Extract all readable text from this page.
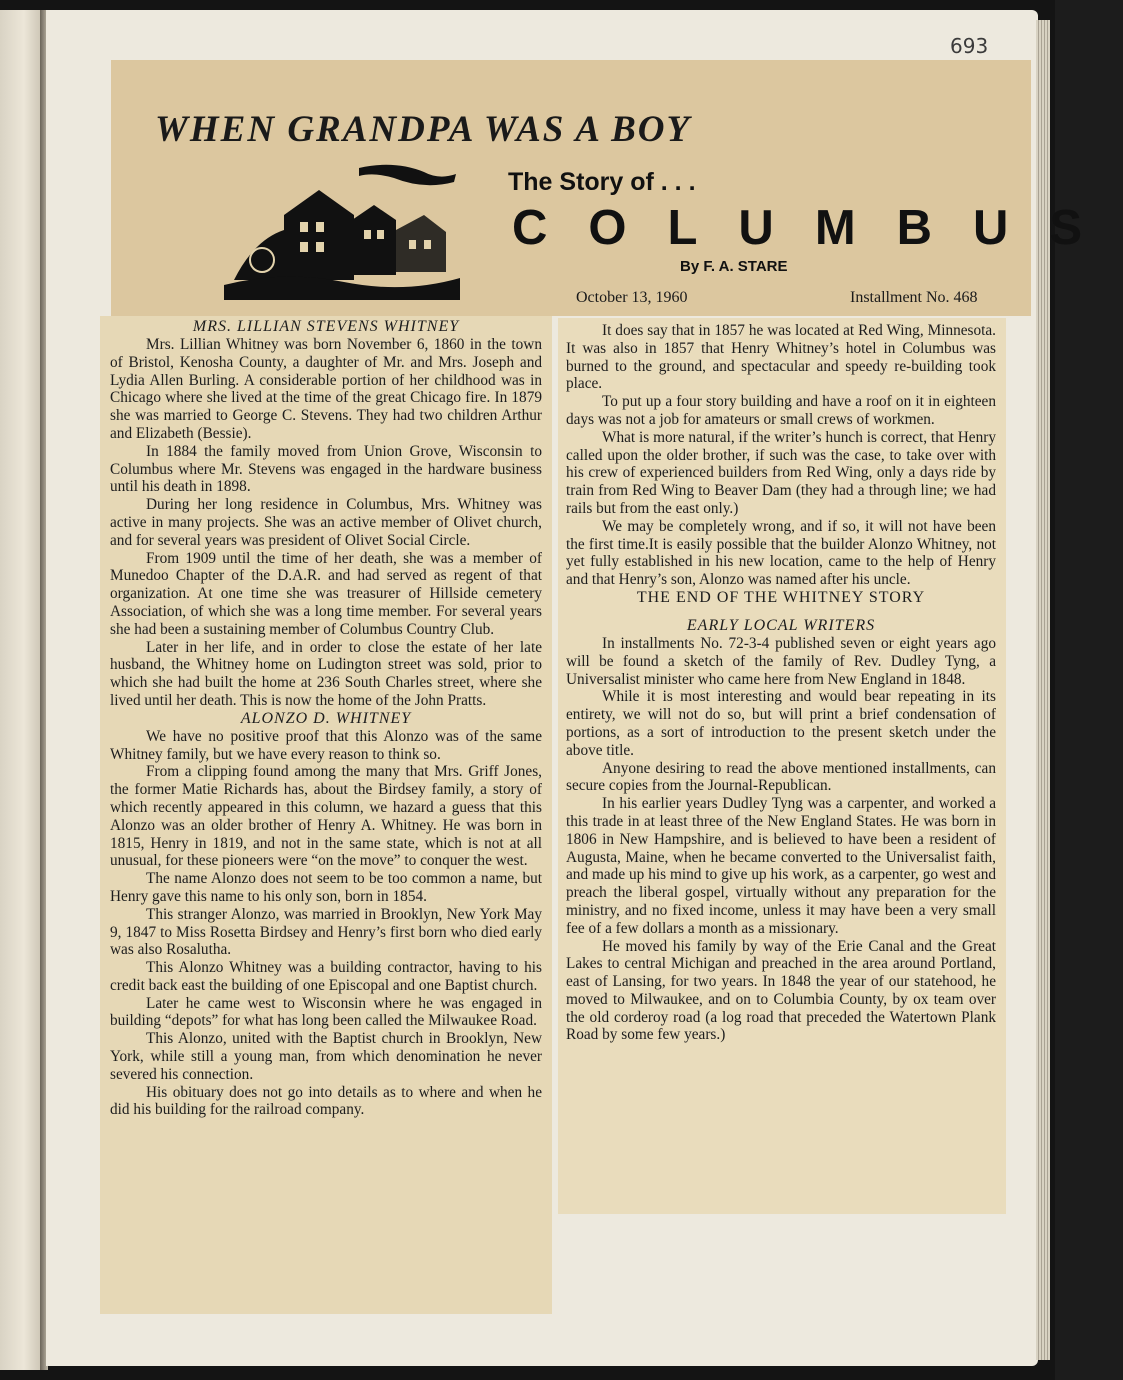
693
WHEN GRANDPA WAS A BOY
The Story of . . .
COLUMBUS
By F. A. STARE
October 13, 1960	Installment No. 468
MRS. LILLIAN STEVENS WHITNEY

Mrs. Lillian Whitney was born November 6, 1860 in the town of Bristol, Kenosha County, a daughter of Mr. and Mrs. Joseph and Lydia Allen Burling. A considerable portion of her childhood was in Chicago where she lived at the time of the great Chicago fire. In 1879 she was married to George C. Stevens. They had two children Arthur and Elizabeth (Bessie).

In 1884 the family moved from Union Grove, Wisconsin to Columbus where Mr. Stevens was engaged in the hardware business until his death in 1898.

During her long residence in Columbus, Mrs. Whitney was active in many projects. She was an active member of Olivet church, and for several years was president of Olivet Social Circle.

From 1909 until the time of her death, she was a member of Munedoo Chapter of the D.A.R. and had served as regent of that organization. At one time she was treasurer of Hillside cemetery Association, of which she was a long time member. For several years she had been a sustaining member of Columbus Country Club.

Later in her life, and in order to close the estate of her late husband, the Whitney home on Ludington street was sold, prior to which she had built the home at 236 South Charles street, where she lived until her death. This is now the home of the John Pratts.

ALONZO D. WHITNEY

We have no positive proof that this Alonzo was of the same Whitney family, but we have every reason to think so.

From a clipping found among the many that Mrs. Griff Jones, the former Matie Richards has, about the Birdsey family, a story of which recently appeared in this column, we hazard a guess that this Alonzo was an older brother of Henry A. Whitney. He was born in 1815, Henry in 1819, and not in the same state, which is not at all unusual, for these pioneers were “on the move” to conquer the west.

The name Alonzo does not seem to be too common a name, but Henry gave this name to his only son, born in 1854.

This stranger Alonzo, was married in Brooklyn, New York May 9, 1847 to Miss Rosetta Birdsey and Henry’s first born who died early was also Rosalutha.

This Alonzo Whitney was a building contractor, having to his credit back east the building of one Episcopal and one Baptist church.

Later he came west to Wisconsin where he was engaged in building “depots” for what has long been called the Milwaukee Road.

This Alonzo, united with the Baptist church in Brooklyn, New York, while still a young man, from which denomination he never severed his connection.

His obituary does not go into details as to where and when he did his building for the railroad company.

It does say that in 1857 he was located at Red Wing, Minnesota. It was also in 1857 that Henry Whitney’s hotel in Columbus was burned to the ground, and spectacular and speedy re-building took place.

To put up a four story building and have a roof on it in eighteen days was not a job for amateurs or small crews of workmen.

What is more natural, if the writer’s hunch is correct, that Henry called upon the older brother, if such was the case, to take over with his crew of experienced builders from Red Wing, only a days ride by train from Red Wing to Beaver Dam (they had a through line; we had rails but from the east only.)

We may be completely wrong, and if so, it will not have been the first time.It is easily possible that the builder Alonzo Whitney, not yet fully established in his new location, came to the help of Henry and that Henry’s son, Alonzo was named after his uncle.

THE END OF THE WHITNEY STORY
EARLY LOCAL WRITERS

In installments No. 72-3-4 published seven or eight years ago will be found a sketch of the family of Rev. Dudley Tyng, a Universalist minister who came here from New England in 1848.

While it is most interesting and would bear repeating in its entirety, we will not do so, but will print a brief condensation of portions, as a sort of introduction to the present sketch under the above title.

Anyone desiring to read the above mentioned installments, can secure copies from the Journal-Republican.

In his earlier years Dudley Tyng was a carpenter, and worked a this trade in at least three of the New England States. He was born in 1806 in New Hampshire, and is believed to have been a resident of Augusta, Maine, when he became converted to the Universalist faith, and made up his mind to give up his work, as a carpenter, go west and preach the liberal gospel, virtually without any preparation for the ministry, and no fixed income, unless it may have been a very small fee of a few dollars a month as a missionary.

He moved his family by way of the Erie Canal and the Great Lakes to central Michigan and preached in the area around Portland, east of Lansing, for two years. In 1848 the year of our statehood, he moved to Milwaukee, and on to Columbia County, by ox team over the old corderoy road (a log road that preceded the Watertown Plank Road by some few years.)
